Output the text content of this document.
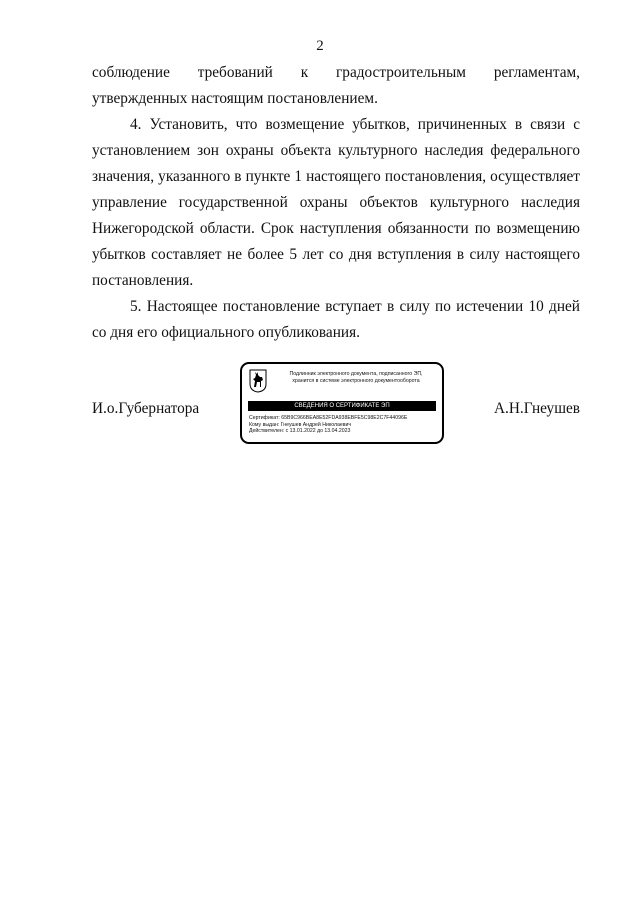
2

соблюдение требований к градостроительным регламентам, утвержденных настоящим постановлением.

4. Установить, что возмещение убытков, причиненных в связи с установлением зон охраны объекта культурного наследия федерального значения, указанного в пункте 1 настоящего постановления, осуществляет управление государственной охраны объектов культурного наследия Нижегородской области. Срок наступления обязанности по возмещению убытков составляет не более 5 лет со дня вступления в силу настоящего постановления.

5. Настоящее постановление вступает в силу по истечении 10 дней со дня его официального опубликования.

И.о.Губернатора
Подлинник электронного документа, подписанного ЭП,
хранится в системе электронного документооборота
СВЕДЕНИЯ О СЕРТИФИКАТЕ ЭП
Сертификат: 65B9C966BEA8E52FDA938EBFE5C98E2C7F44096E
Кому выдан: Гнеушев Андрей Николаевич
Действителен: с 13.01.2022 до 13.04.2023
А.Н.Гнеушев
